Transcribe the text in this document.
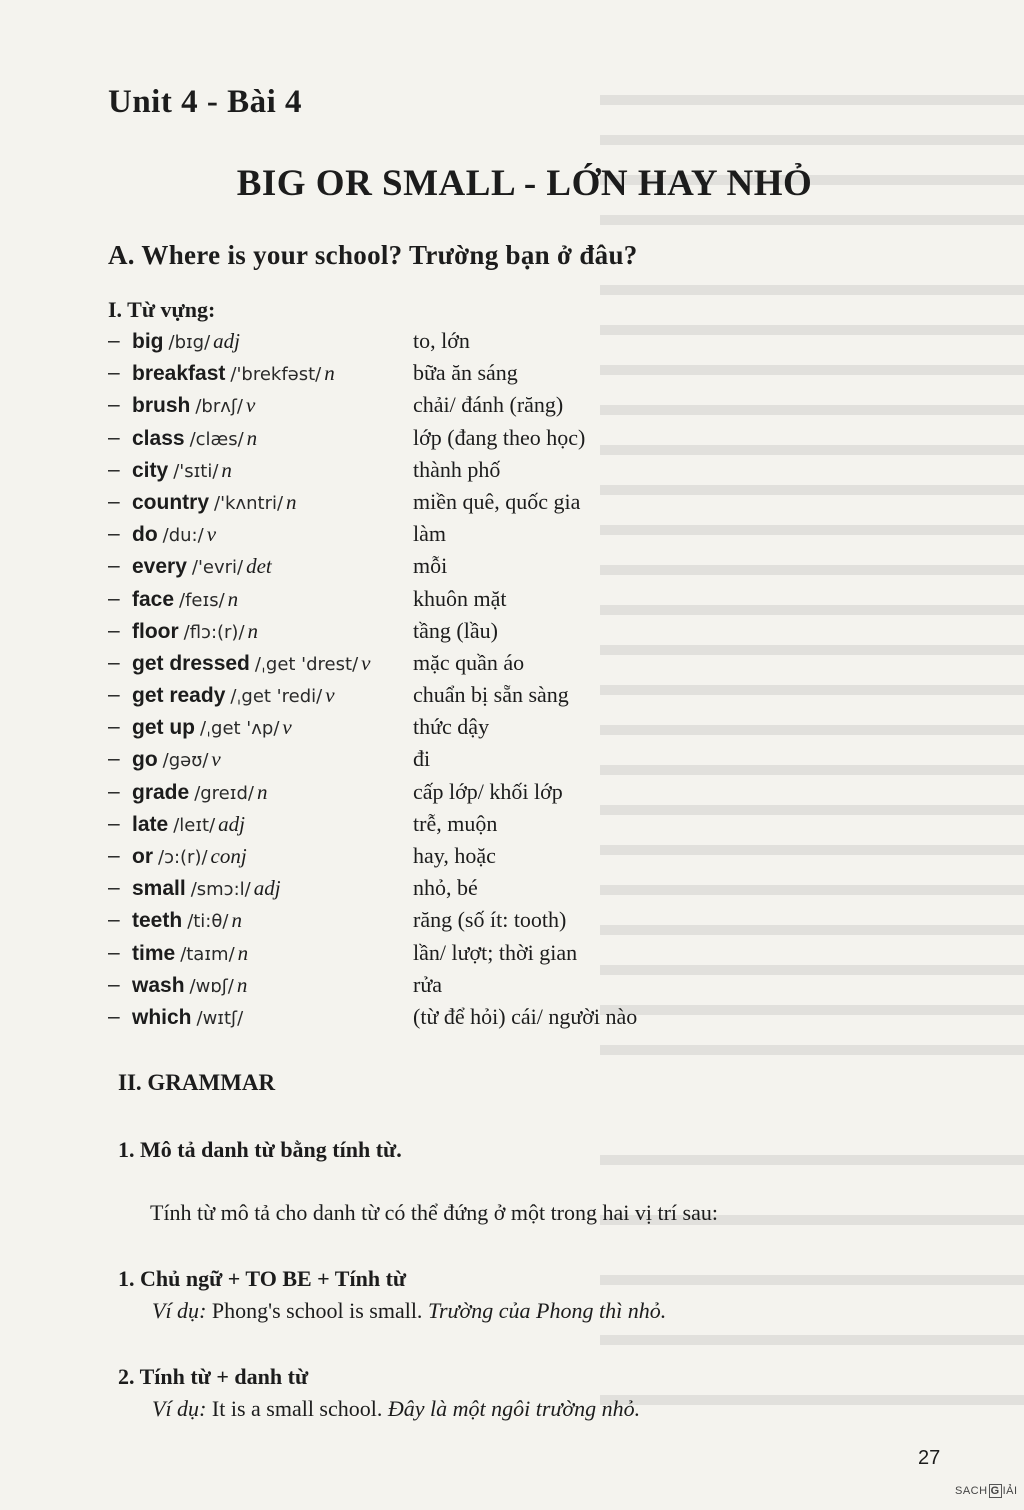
Unit 4 - Bài 4
BIG OR SMALL - LỚN HAY NHỎ
A. Where is your school? Trường bạn ở đâu?
I. Từ vựng:
– big /bɪg/ adj	to, lớn
– breakfast /'brekfəst/ n	bữa ăn sáng
– brush /brʌʃ/ v	chải/ đánh (răng)
– class /clæs/ n	lớp (đang theo học)
– city /'sɪti/ n	thành phố
– country /'kʌntri/ n	miền quê, quốc gia
– do /du:/ v	làm
– every /'evri/ det	mỗi
– face /feɪs/ n	khuôn mặt
– floor /flɔ:(r)/ n	tầng (lầu)
– get dressed /ˌget 'drest/ v mặc quần áo
– get ready /ˌget 'redi/ v	chuẩn bị sẵn sàng
– get up /ˌget 'ʌp/ v	thức dậy
– go /gəʊ/ v	đi
– grade /greɪd/ n	cấp lớp/ khối lớp
– late /leɪt/ adj	trễ, muộn
– or /ɔ:(r)/ conj	hay, hoặc
– small /smɔ:l/ adj	nhỏ, bé
– teeth /ti:θ/ n	răng (số ít: tooth)
– time /taɪm/ n	lần/ lượt; thời gian
– wash /wɒʃ/ n	rửa
– which /wɪtʃ/	(từ để hỏi) cái/ người nào
II. GRAMMAR
1. Mô tả danh từ bằng tính từ.
Tính từ mô tả cho danh từ có thể đứng ở một trong hai vị trí sau:
1. Chủ ngữ + TO BE + Tính từ
Ví dụ: Phong's school is small. Trường của Phong thì nhỏ.
2. Tính từ + danh từ
Ví dụ: It is a small school. Đây là một ngôi trường nhỏ.
27
SACH G IẢI
